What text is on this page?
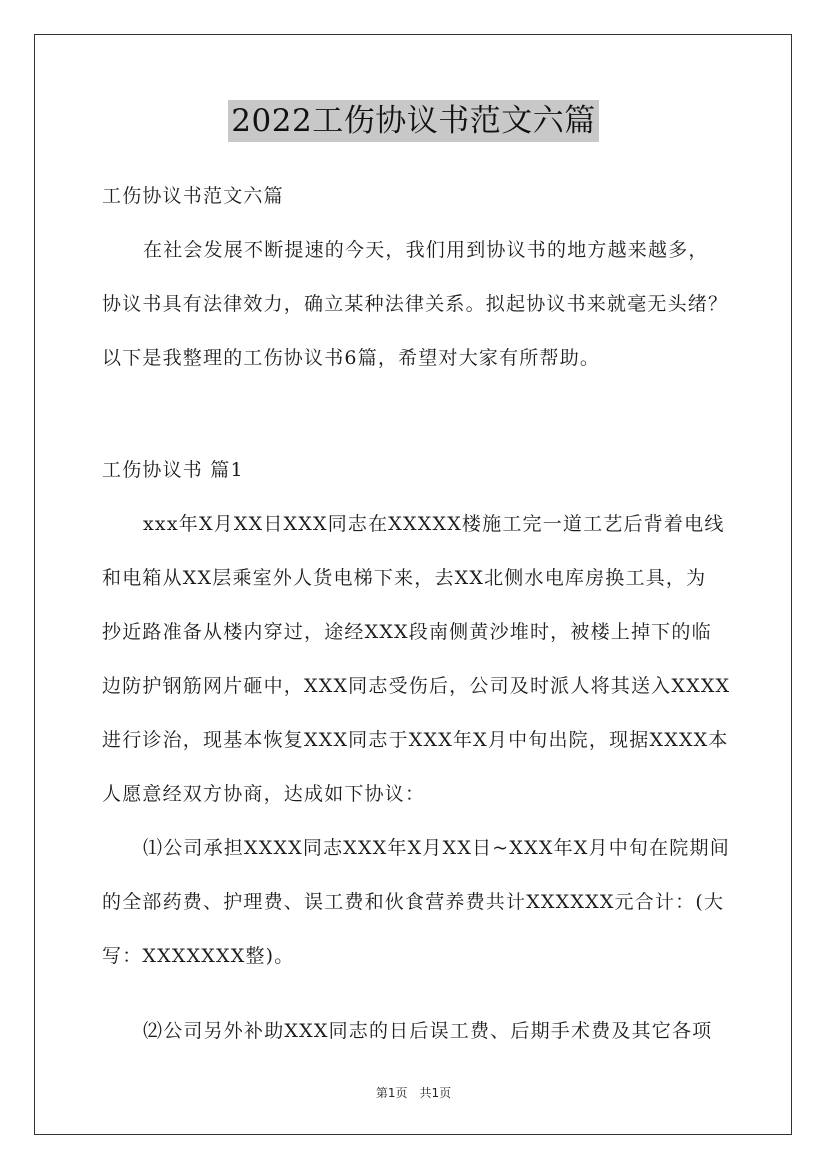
2022工伤协议书范文六篇
工伤协议书范文六篇
在社会发展不断提速的今天，我们用到协议书的地方越来越多，
协议书具有法律效力，确立某种法律关系。拟起协议书来就毫无头绪？
以下是我整理的工伤协议书6篇，希望对大家有所帮助。
工伤协议书 篇1
xxx年X月XX日XXX同志在XXXXX楼施工完一道工艺后背着电线
和电箱从XX层乘室外人货电梯下来，去XX北侧水电库房换工具，为
抄近路准备从楼内穿过，途经XXX段南侧黄沙堆时，被楼上掉下的临
边防护钢筋网片砸中，XXX同志受伤后，公司及时派人将其送入XXXX
进行诊治，现基本恢复XXX同志于XXX年X月中旬出院，现据XXXX本
人愿意经双方协商，达成如下协议：
⑴公司承担XXXX同志XXX年X月XX日~XXX年X月中旬在院期间
的全部药费、护理费、误工费和伙食营养费共计XXXXXX元合计：(大
写：XXXXXXX整)。
⑵公司另外补助XXX同志的日后误工费、后期手术费及其它各项
第1页　共1页
